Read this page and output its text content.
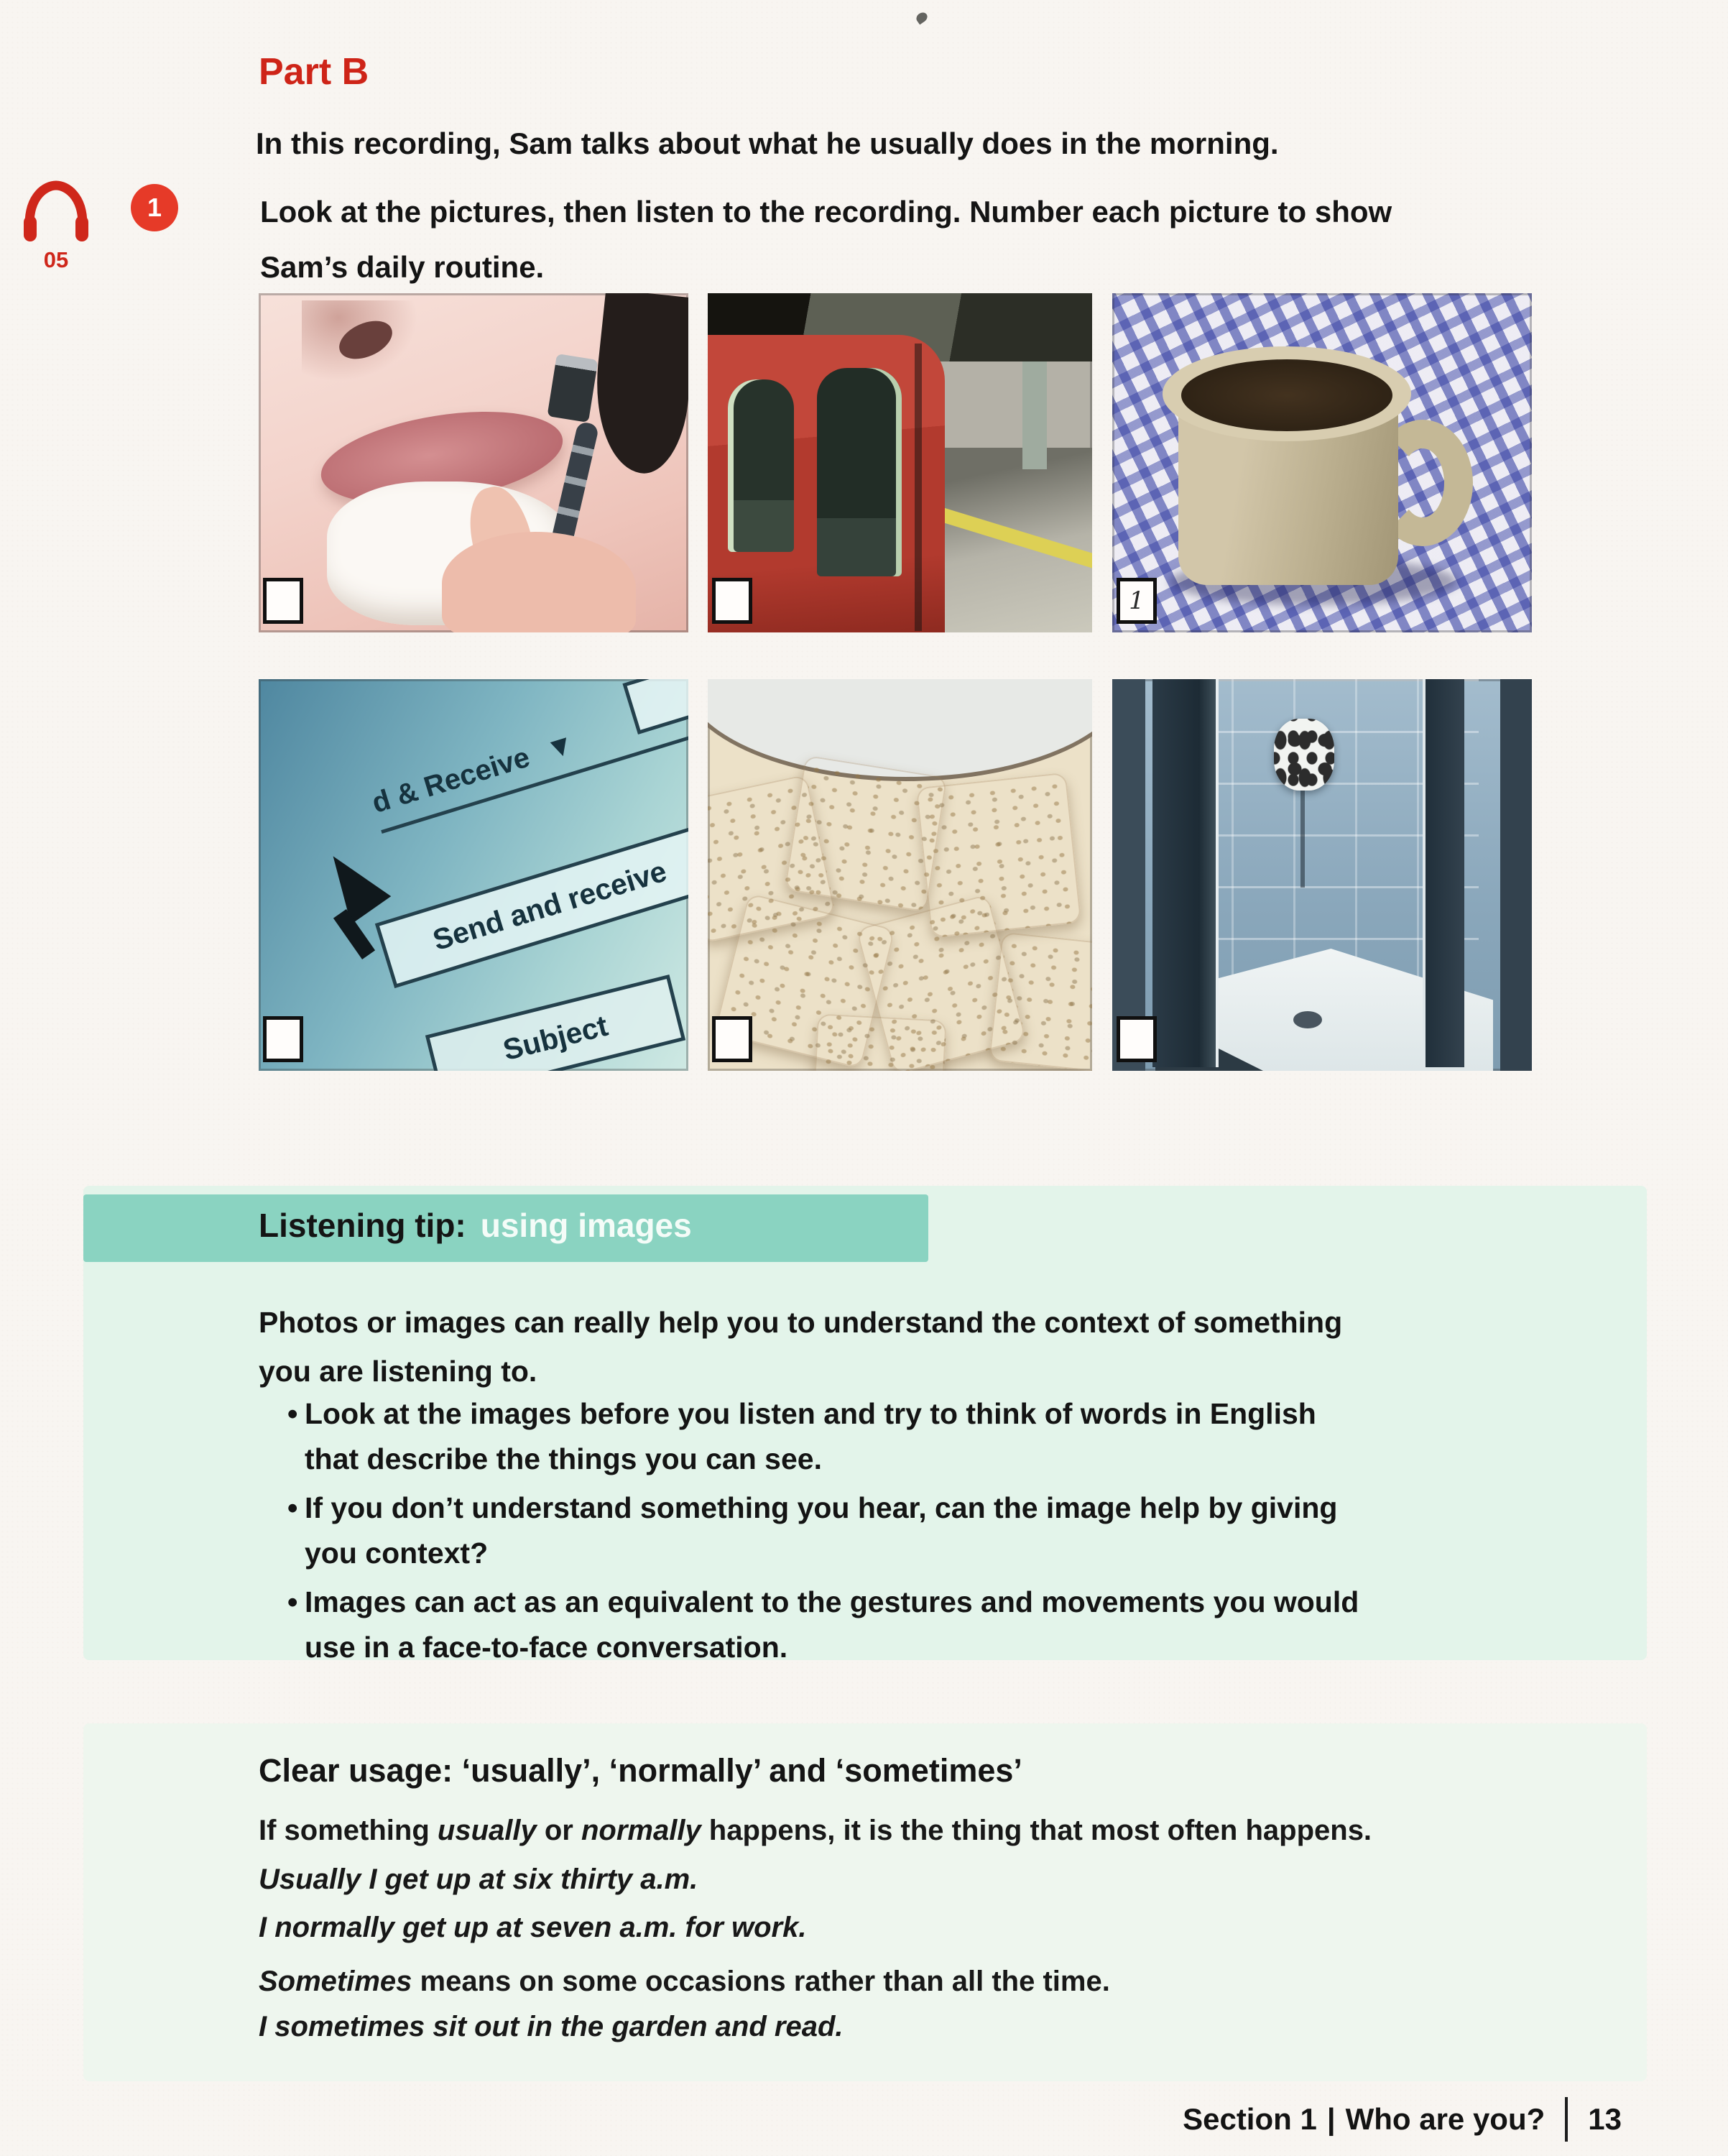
Part B
In this recording, Sam talks about what he usually does in the morning.
Look at the pictures, then listen to the recording. Number each picture to show
Sam’s daily routine.
05
1
1
d & Receive ▼
Send and receive
Subject
Listening tip: using images
Photos or images can really help you to understand the context of something
you are listening to.
• Look at the images before you listen and try to think of words in English
that describe the things you can see.
• If you don’t understand something you hear, can the image help by giving
you context?
• Images can act as an equivalent to the gestures and movements you would
use in a face-to-face conversation.
Clear usage: ‘usually’, ‘normally’ and ‘sometimes’
If something usually or normally happens, it is the thing that most often happens.
Usually I get up at six thirty a.m.
I normally get up at seven a.m. for work.
Sometimes means on some occasions rather than all the time.
I sometimes sit out in the garden and read.
Section 1 | Who are you? 13
